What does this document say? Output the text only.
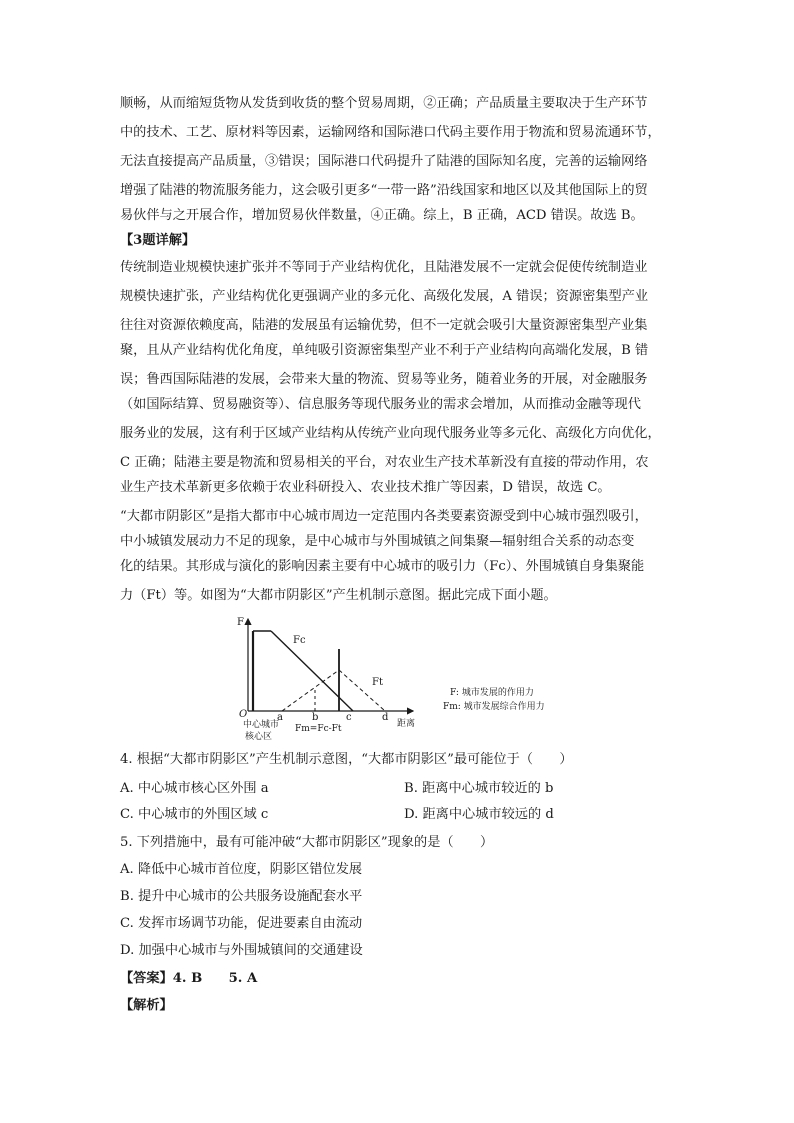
顺畅，从而缩短货物从发货到收货的整个贸易周期，②正确；产品质量主要取决于生产环节
中的技术、工艺、原材料等因素，运输网络和国际港口代码主要作用于物流和贸易流通环节，
无法直接提高产品质量，③错误；国际港口代码提升了陆港的国际知名度，完善的运输网络
增强了陆港的物流服务能力，这会吸引更多“一带一路”沿线国家和地区以及其他国际上的贸
易伙伴与之开展合作，增加贸易伙伴数量，④正确。综上，B 正确，ACD 错误。故选 B。
【3题详解】
传统制造业规模快速扩张并不等同于产业结构优化，且陆港发展不一定就会促使传统制造业
规模快速扩张，产业结构优化更强调产业的多元化、高级化发展，A 错误；资源密集型产业
往往对资源依赖度高，陆港的发展虽有运输优势，但不一定就会吸引大量资源密集型产业集
聚，且从产业结构优化角度，单纯吸引资源密集型产业不利于产业结构向高端化发展，B 错
误；鲁西国际陆港的发展，会带来大量的物流、贸易等业务，随着业务的开展，对金融服务
（如国际结算、贸易融资等）、信息服务等现代服务业的需求会增加，从而推动金融等现代
服务业的发展，这有利于区域产业结构从传统产业向现代服务业等多元化、高级化方向优化，
C 正确；陆港主要是物流和贸易相关的平台，对农业生产技术革新没有直接的带动作用，农
业生产技术革新更多依赖于农业科研投入、农业技术推广等因素，D 错误，故选 C。
“大都市阴影区”是指大都市中心城市周边一定范围内各类要素资源受到中心城市强烈吸引，
中小城镇发展动力不足的现象，是中心城市与外围城镇之间集聚—辐射组合关系的动态变
化的结果。其形成与演化的影响因素主要有中心城市的吸引力（Fc）、外围城镇自身集聚能
力（Ft）等。如图为“大都市阴影区”产生机制示意图。据此完成下面小题。
F
O
Fc
Ft
a	b	c	d
距离
中心城市
核心区
Fm=Fc-Ft
F: 城市发展的作用力
Fm: 城市发展综合作用力
4. 根据“大都市阴影区”产生机制示意图，“大都市阴影区”最可能位于（　　）
A. 中心城市核心区外围 a	B. 距离中心城市较近的 b
C. 中心城市的外围区域 c	D. 距离中心城市较远的 d
5. 下列措施中，最有可能冲破“大都市阴影区”现象的是（　　）
A. 降低中心城市首位度，阴影区错位发展
B. 提升中心城市的公共服务设施配套水平
C. 发挥市场调节功能，促进要素自由流动
D. 加强中心城市与外围城镇间的交通建设
【答案】4. B　　5. A
【解析】
